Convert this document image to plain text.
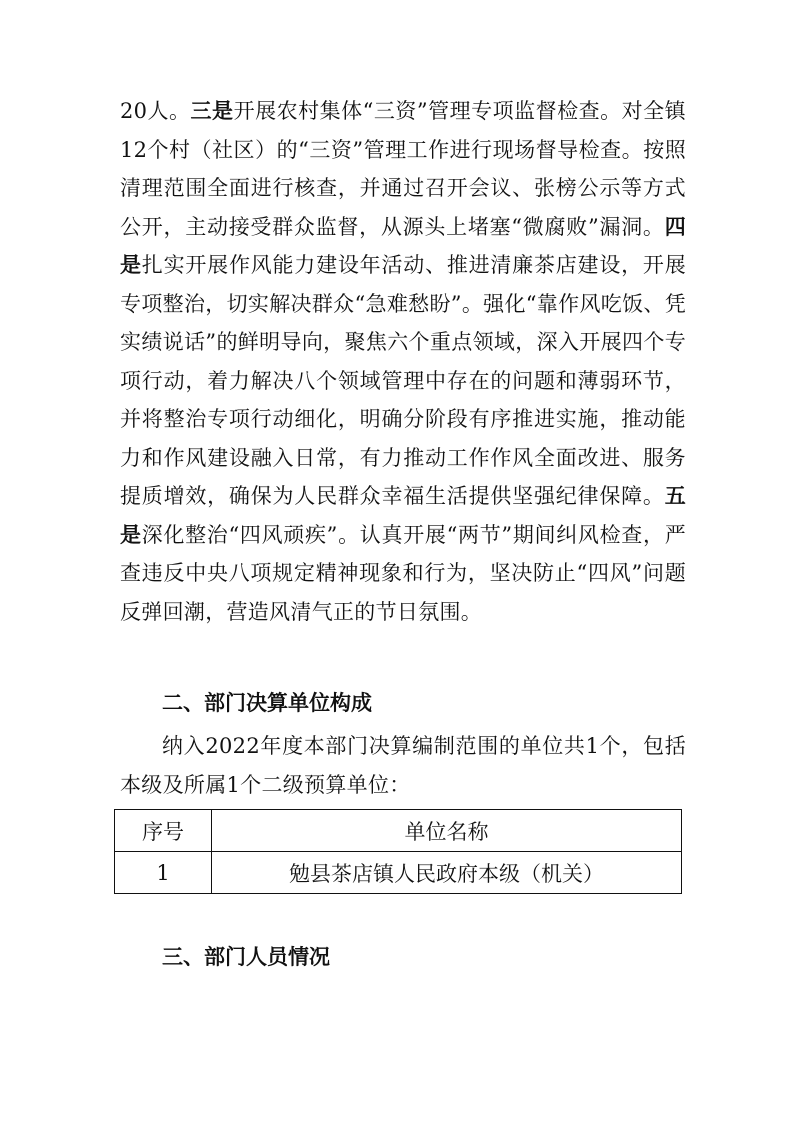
20人。三是开展农村集体“三资”管理专项监督检查。对全镇12个村（社区）的“三资”管理工作进行现场督导检查。按照清理范围全面进行核查，并通过召开会议、张榜公示等方式公开，主动接受群众监督，从源头上堵塞“微腐败”漏洞。四是扎实开展作风能力建设年活动、推进清廉茶店建设，开展专项整治，切实解决群众“急难愁盼”。强化“靠作风吃饭、凭实绩说话”的鲜明导向，聚焦六个重点领域，深入开展四个专项行动，着力解决八个领域管理中存在的问题和薄弱环节，并将整治专项行动细化，明确分阶段有序推进实施，推动能力和作风建设融入日常，有力推动工作作风全面改进、服务提质增效，确保为人民群众幸福生活提供坚强纪律保障。五是深化整治“四风顽疾”。认真开展“两节”期间纠风检查，严查违反中央八项规定精神现象和行为，坚决防止“四风”问题反弹回潮，营造风清气正的节日氛围。

二、部门决算单位构成

纳入2022年度本部门决算编制范围的单位共1个，包括本级及所属1个二级预算单位：

序号	单位名称
1	勉县茶店镇人民政府本级（机关）
三、部门人员情况
